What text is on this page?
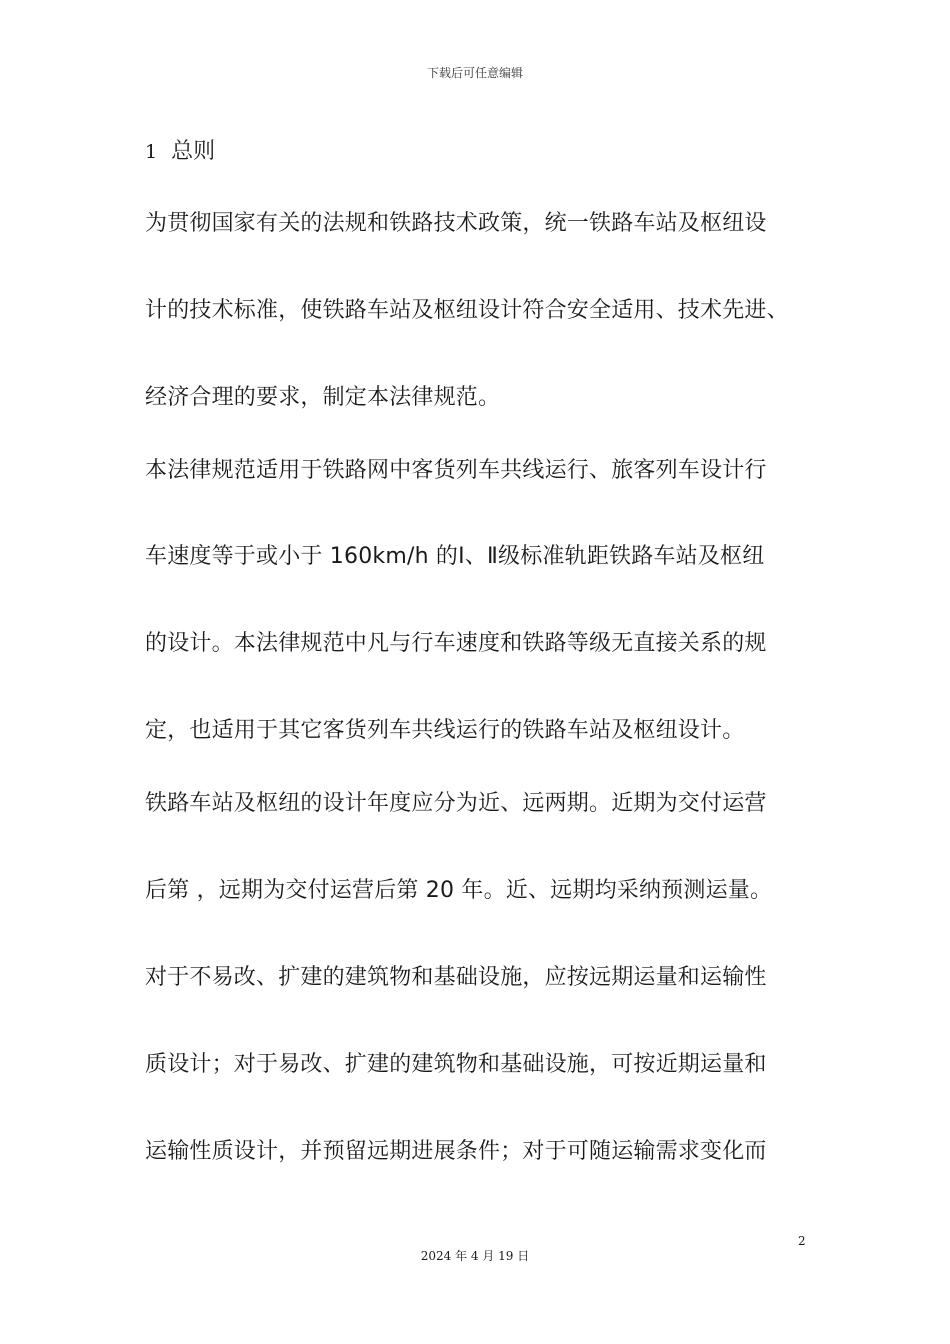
下载后可任意编辑
1 总则
为贯彻国家有关的法规和铁路技术政策，统一铁路车站及枢纽设
计的技术标准，使铁路车站及枢纽设计符合安全适用、技术先进、
经济合理的要求，制定本法律规范。
本法律规范适用于铁路网中客货列车共线运行、旅客列车设计行
车速度等于或小于 160km/h 的Ⅰ、Ⅱ级标准轨距铁路车站及枢纽
的设计。本法律规范中凡与行车速度和铁路等级无直接关系的规
定，也适用于其它客货列车共线运行的铁路车站及枢纽设计。
铁路车站及枢纽的设计年度应分为近、远两期。近期为交付运营
后第 ，远期为交付运营后第 20 年。近、远期均采纳预测运量。
对于不易改、扩建的建筑物和基础设施，应按远期运量和运输性
质设计；对于易改、扩建的建筑物和基础设施，可按近期运量和
运输性质设计，并预留远期进展条件；对于可随运输需求变化而
2
2024 年 4 月 19 日
